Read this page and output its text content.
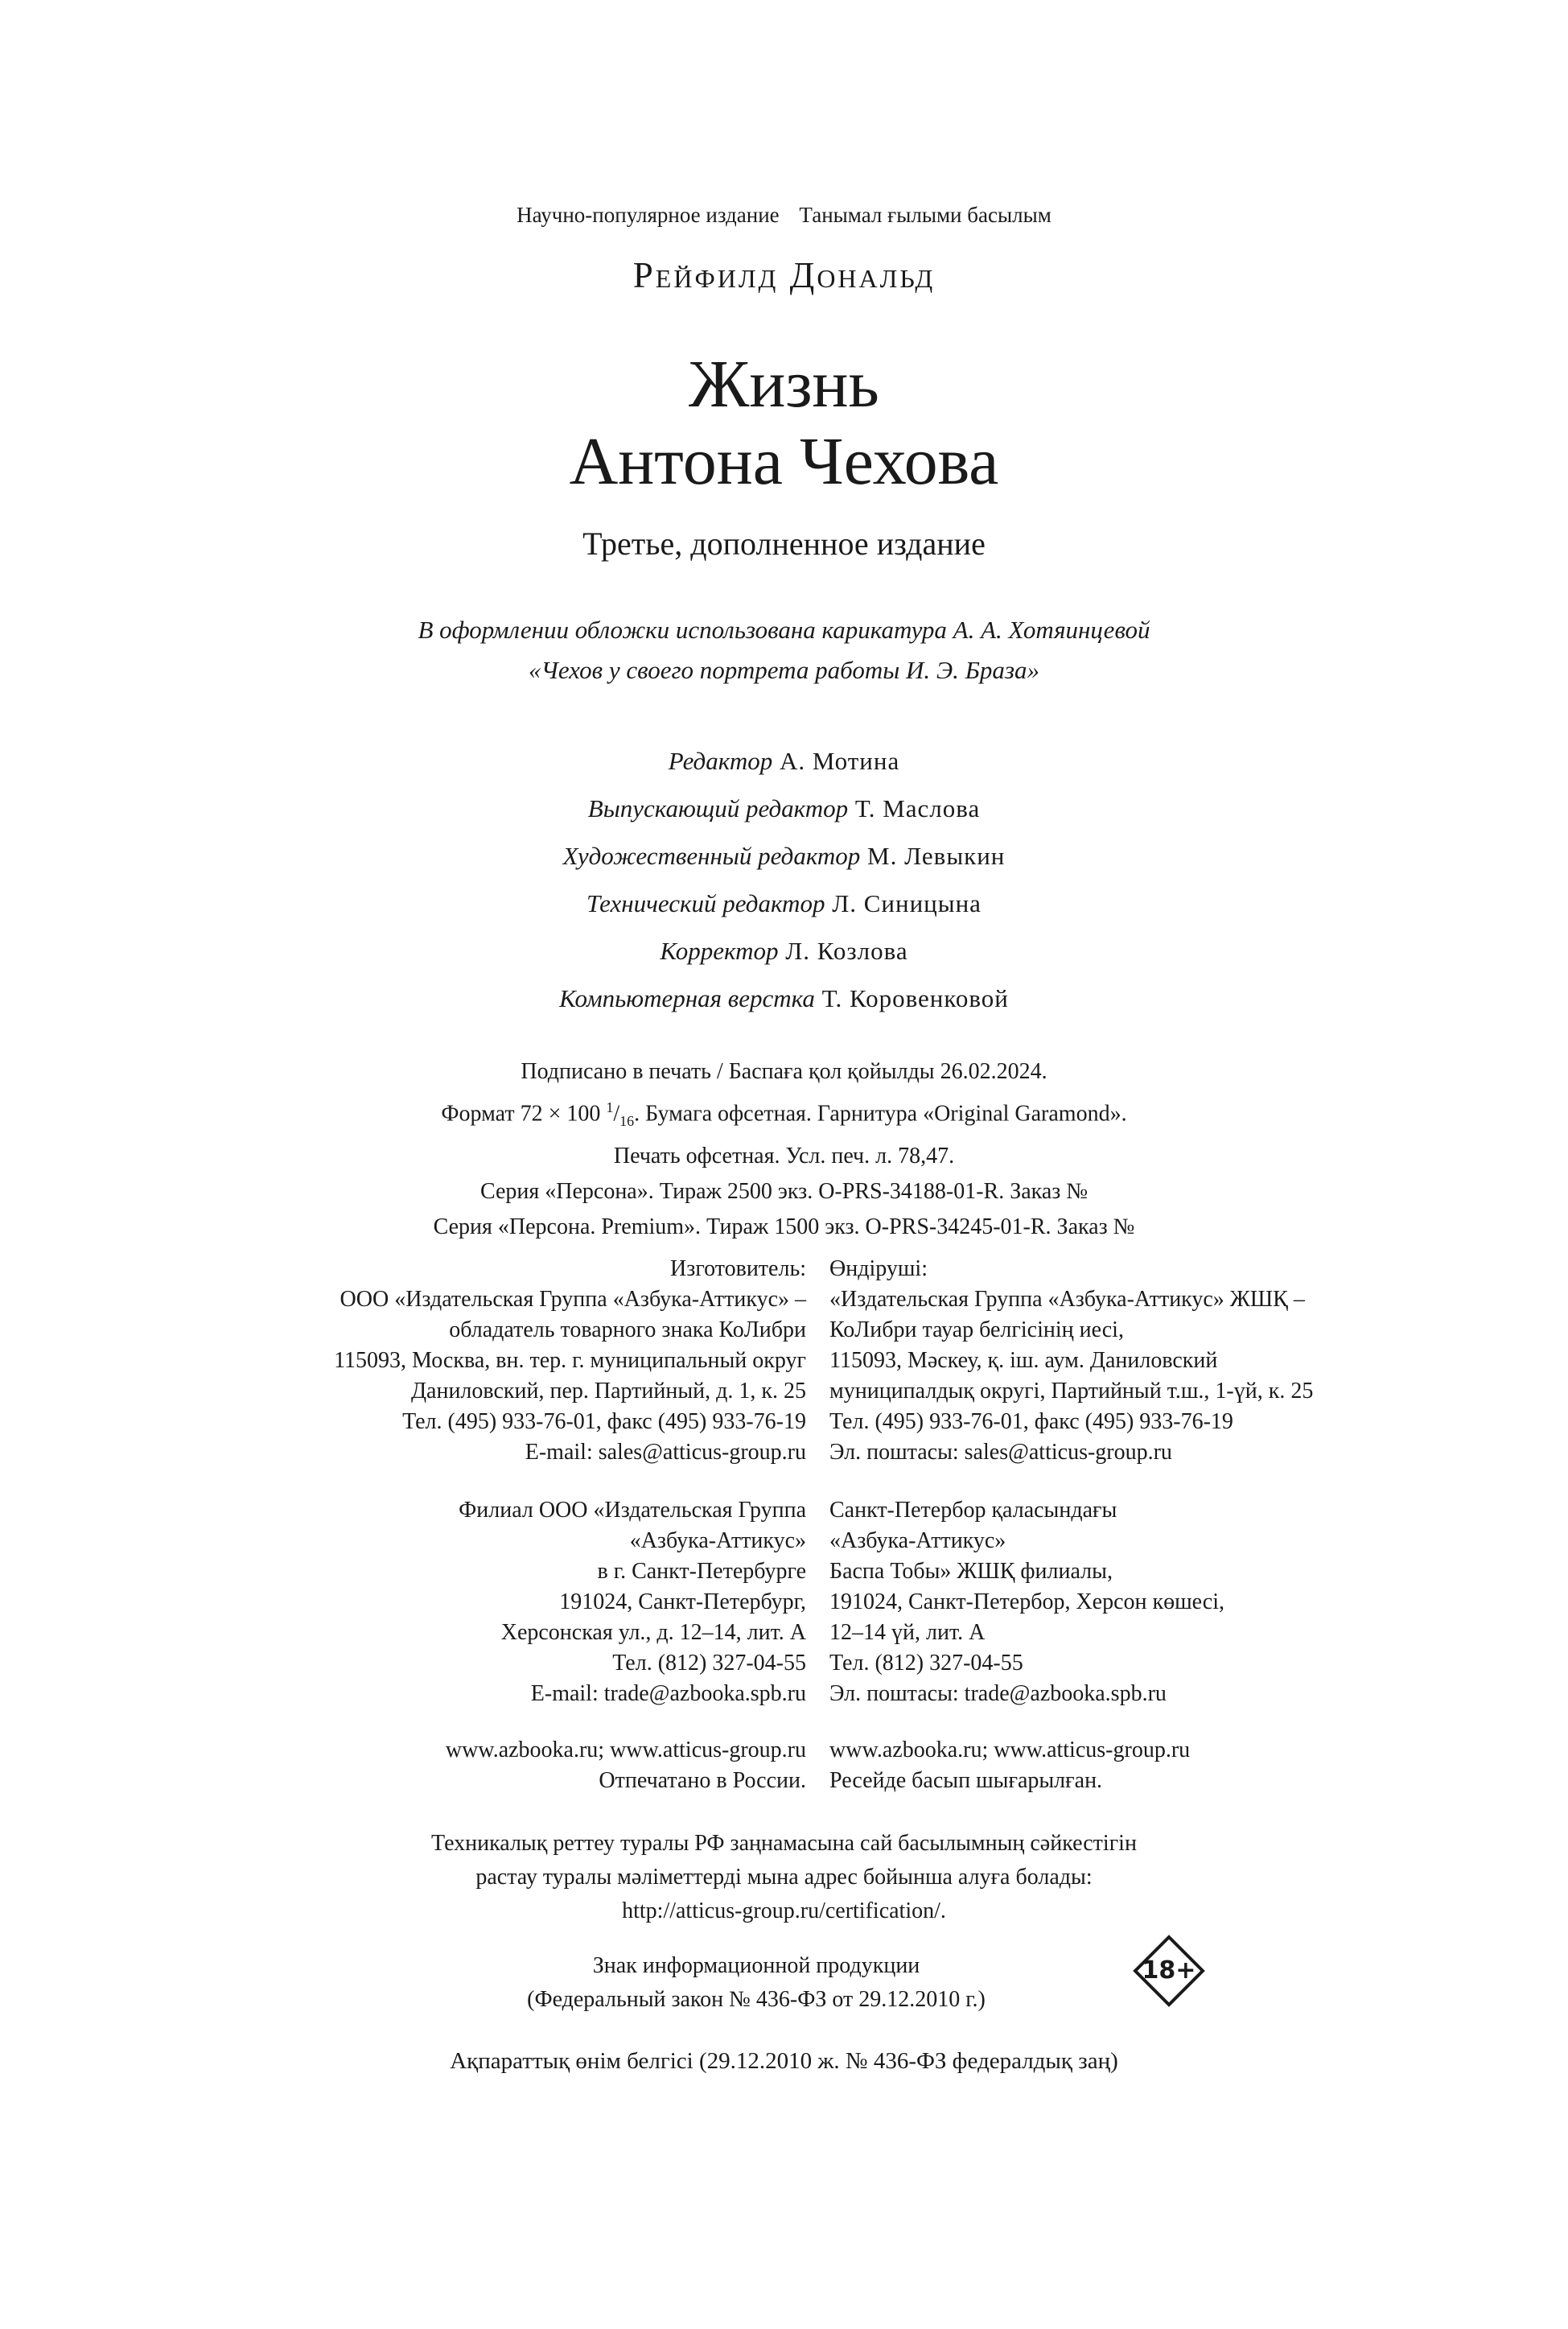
Научно-популярное издание Танымал ғылыми басылым
Рейфилд Дональд
Жизнь
Антона Чехова
Третье, дополненное издание
В оформлении обложки использована карикатура А. А. Хотяинцевой
«Чехов у своего портрета работы И. Э. Браза»
Редактор А. Мотина
Выпускающий редактор Т. Маслова
Художественный редактор М. Левыкин
Технический редактор Л. Синицына
Корректор Л. Козлова
Компьютерная верстка Т. Коровенковой
Подписано в печать / Баспаға қол қойылды 26.02.2024.
Формат 72 × 100 $^1/_{16}$. Бумага офсетная. Гарнитура «Original Garamond».
Печать офсетная. Усл. печ. л. 78,47.
Серия «Персона». Тираж 2500 экз. О-PRS-34188-01-R. Заказ №
Серия «Персона. Premium». Тираж 1500 экз. О-PRS-34245-01-R. Заказ №
Изготовитель:
ООО «Издательская Группа «Азбука-Аттикус» –
обладатель товарного знака КоЛибри
115093, Москва, вн. тер. г. муниципальный округ
Даниловский, пер. Партийный, д. 1, к. 25
Тел. (495) 933-76-01, факс (495) 933-76-19
E-mail: sales@atticus-group.ru
Өндіруші:
«Издательская Группа «Азбука-Аттикус» ЖШҚ –
КоЛибри тауар белгісінің иесі,
115093, Мәскеу, қ. іш. аум. Даниловский
муниципалдық округі, Партийный т.ш., 1-үй, к. 25
Тел. (495) 933-76-01, факс (495) 933-76-19
Эл. поштасы: sales@atticus-group.ru
Филиал ООО «Издательская Группа
«Азбука-Аттикус»
в г. Санкт-Петербурге
191024, Санкт-Петербург,
Херсонская ул., д. 12–14, лит. А
Тел. (812) 327-04-55
E-mail: trade@azbooka.spb.ru
Санкт-Петербор қаласындағы
«Азбука-Аттикус»
Баспа Тобы» ЖШҚ филиалы,
191024, Санкт-Петербор, Херсон көшесі,
12–14 үй, лит. А
Тел. (812) 327-04-55
Эл. поштасы: trade@azbooka.spb.ru
www.azbooka.ru; www.atticus-group.ru
Отпечатано в России.
www.azbooka.ru; www.atticus-group.ru
Ресейде басып шығарылған.
Техникалық реттеу туралы РФ заңнамасына сай басылымның сәйкестігін
растау туралы мәліметтерді мына адрес бойынша алуға болады:
http://atticus-group.ru/certification/.
Знак информационной продукции
(Федеральный закон № 436-ФЗ от 29.12.2010 г.)
18+
Ақпараттық өнім белгісі (29.12.2010 ж. № 436-ФЗ федералдық заң)
